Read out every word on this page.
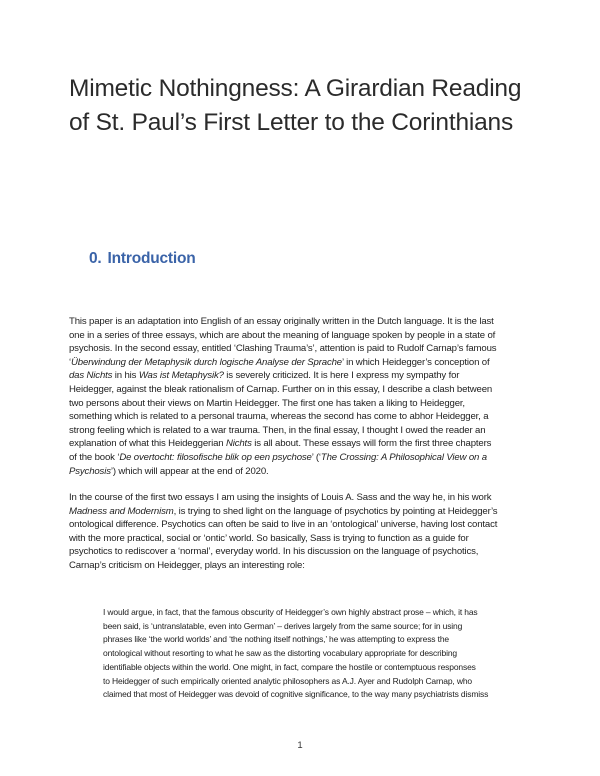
Mimetic Nothingness: A Girardian Reading
of St. Paul’s First Letter to the Corinthians
0. Introduction
This paper is an adaptation into English of an essay originally written in the Dutch language. It is the last
one in a series of three essays, which are about the meaning of language spoken by people in a state of
psychosis. In the second essay, entitled ‘Clashing Trauma’s’, attention is paid to Rudolf Carnap’s famous
‘Überwindung der Metaphysik durch logische Analyse der Sprache’ in which Heidegger’s conception of
das Nichts in his Was ist Metaphysik? is severely criticized. It is here I express my sympathy for
Heidegger, against the bleak rationalism of Carnap. Further on in this essay, I describe a clash between
two persons about their views on Martin Heidegger. The first one has taken a liking to Heidegger,
something which is related to a personal trauma, whereas the second has come to abhor Heidegger, a
strong feeling which is related to a war trauma. Then, in the final essay, I thought I owed the reader an
explanation of what this Heideggerian Nichts is all about. These essays will form the first three chapters
of the book ‘De overtocht: filosofische blik op een psychose’ (‘The Crossing: A Philosophical View on a
Psychosis’) which will appear at the end of 2020.
In the course of the first two essays I am using the insights of Louis A. Sass and the way he, in his work
Madness and Modernism, is trying to shed light on the language of psychotics by pointing at Heidegger’s
ontological difference. Psychotics can often be said to live in an ‘ontological’ universe, having lost contact
with the more practical, social or ‘ontic’ world. So basically, Sass is trying to function as a guide for
psychotics to rediscover a ‘normal’, everyday world. In his discussion on the language of psychotics,
Carnap’s criticism on Heidegger, plays an interesting role:
I would argue, in fact, that the famous obscurity of Heidegger’s own highly abstract prose – which, it has
been said, is ‘untranslatable, even into German’ – derives largely from the same source; for in using
phrases like ‘the world worlds’ and ‘the nothing itself nothings,’ he was attempting to express the
ontological without resorting to what he saw as the distorting vocabulary appropriate for describing
identifiable objects within the world. One might, in fact, compare the hostile or contemptuous responses
to Heidegger of such empirically oriented analytic philosophers as A.J. Ayer and Rudolph Carnap, who
claimed that most of Heidegger was devoid of cognitive significance, to the way many psychiatrists dismiss
1
